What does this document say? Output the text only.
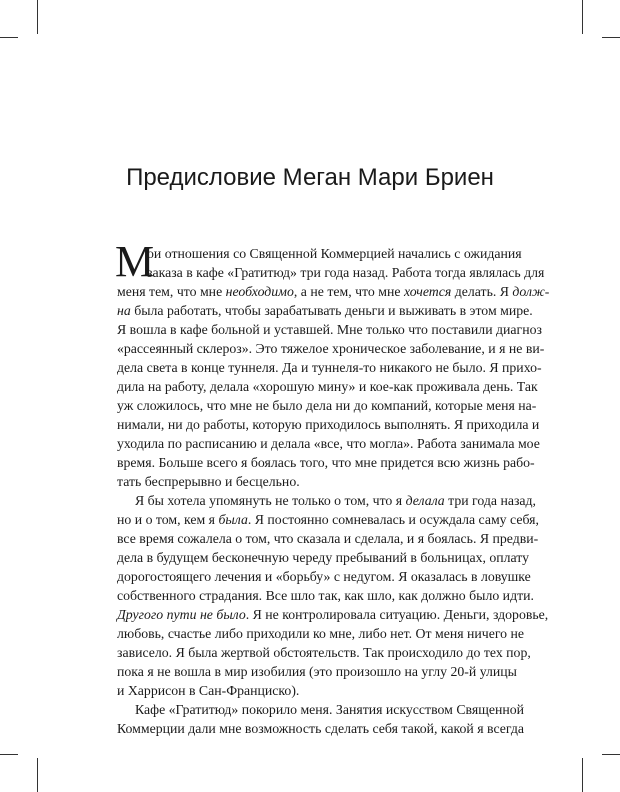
Предисловие Меган Мари Бриен
М
ои отношения со Священной Коммерцией начались с ожидания
заказа в кафе «Гратитюд» три года назад. Работа тогда являлась для
меня тем, что мне необходимо, а не тем, что мне хочется делать. Я долж-
на была работать, чтобы зарабатывать деньги и выживать в этом мире.
Я вошла в кафе больной и уставшей. Мне только что поставили диагноз
«рассеянный склероз». Это тяжелое хроническое заболевание, и я не ви-
дела света в конце туннеля. Да и туннеля-то никакого не было. Я прихо-
дила на работу, делала «хорошую мину» и кое-как проживала день. Так
уж сложилось, что мне не было дела ни до компаний, которые меня на-
нимали, ни до работы, которую приходилось выполнять. Я приходила и
уходила по расписанию и делала «все, что могла». Работа занимала мое
время. Больше всего я боялась того, что мне придется всю жизнь рабо-
тать беспрерывно и бесцельно.
Я бы хотела упомянуть не только о том, что я делала три года назад,
но и о том, кем я была. Я постоянно сомневалась и осуждала саму себя,
все время сожалела о том, что сказала и сделала, и я боялась. Я предви-
дела в будущем бесконечную череду пребываний в больницах, оплату
дорогостоящего лечения и «борьбу» с недугом. Я оказалась в ловушке
собственного страдания. Все шло так, как шло, как должно было идти.
Другого пути не было. Я не контролировала ситуацию. Деньги, здоровье,
любовь, счастье либо приходили ко мне, либо нет. От меня ничего не
зависело. Я была жертвой обстоятельств. Так происходило до тех пор,
пока я не вошла в мир изобилия (это произошло на углу 20-й улицы
и Харрисон в Сан-Франциско).
Кафе «Гратитюд» покорило меня. Занятия искусством Священной
Коммерции дали мне возможность сделать себя такой, какой я всегда
